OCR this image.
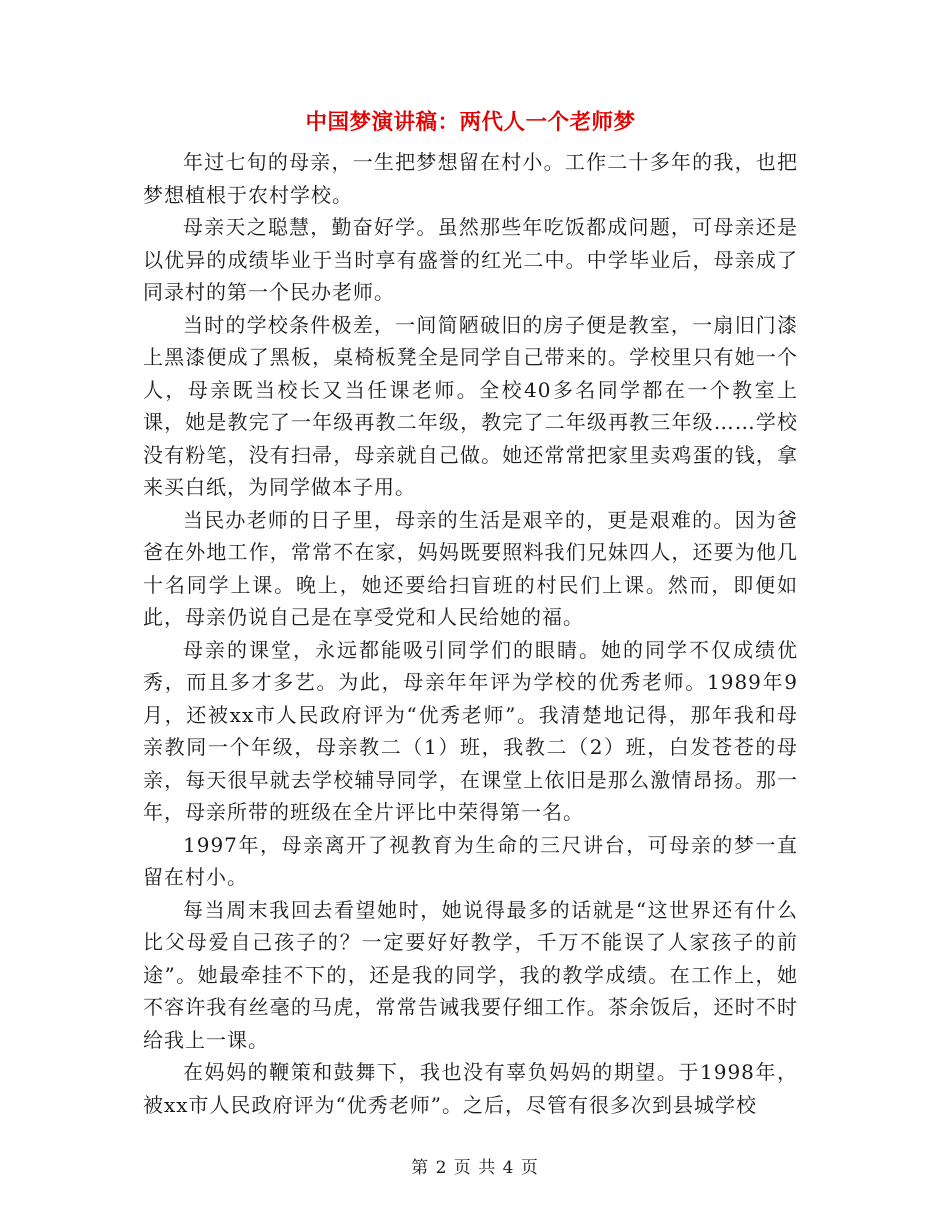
中国梦演讲稿：两代人一个老师梦

年过七旬的母亲，一生把梦想留在村小。工作二十多年的我，也把梦想植根于农村学校。

母亲天之聪慧，勤奋好学。虽然那些年吃饭都成问题，可母亲还是以优异的成绩毕业于当时享有盛誉的红光二中。中学毕业后，母亲成了同录村的第一个民办老师。

当时的学校条件极差，一间简陋破旧的房子便是教室，一扇旧门漆上黑漆便成了黑板，桌椅板凳全是同学自己带来的。学校里只有她一个人，母亲既当校长又当任课老师。全校40多名同学都在一个教室上课，她是教完了一年级再教二年级，教完了二年级再教三年级……学校没有粉笔，没有扫帚，母亲就自己做。她还常常把家里卖鸡蛋的钱，拿来买白纸，为同学做本子用。

当民办老师的日子里，母亲的生活是艰辛的，更是艰难的。因为爸爸在外地工作，常常不在家，妈妈既要照料我们兄妹四人，还要为他几十名同学上课。晚上，她还要给扫盲班的村民们上课。然而，即便如此，母亲仍说自己是在享受党和人民给她的福。

母亲的课堂，永远都能吸引同学们的眼睛。她的同学不仅成绩优秀，而且多才多艺。为此，母亲年年评为学校的优秀老师。1989年9月，还被xx市人民政府评为“优秀老师”。我清楚地记得，那年我和母亲教同一个年级，母亲教二（1）班，我教二（2）班，白发苍苍的母亲，每天很早就去学校辅导同学，在课堂上依旧是那么激情昂扬。那一年，母亲所带的班级在全片评比中荣得第一名。

1997年，母亲离开了视教育为生命的三尺讲台，可母亲的梦一直留在村小。

每当周末我回去看望她时，她说得最多的话就是“这世界还有什么比父母爱自己孩子的？一定要好好教学，千万不能误了人家孩子的前途”。她最牵挂不下的，还是我的同学，我的教学成绩。在工作上，她不容许我有丝毫的马虎，常常告诫我要仔细工作。茶余饭后，还时不时给我上一课。

在妈妈的鞭策和鼓舞下，我也没有辜负妈妈的期望。于1998年，被xx市人民政府评为“优秀老师”。之后，尽管有很多次到县城学校

第 2 页 共 4 页
